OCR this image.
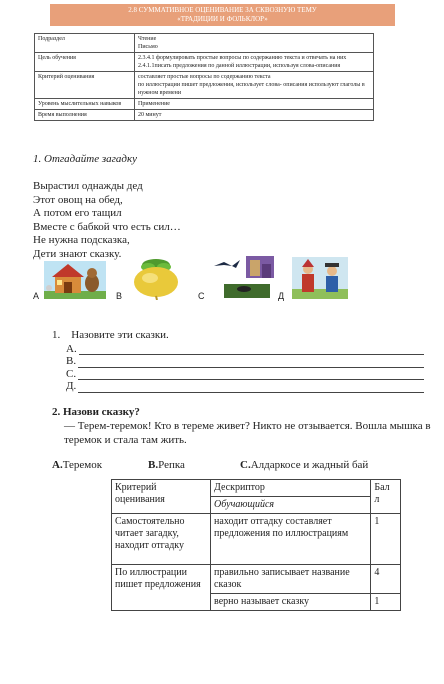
2.8 СУММАТИВНОЕ ОЦЕНИВАНИЕ ЗА СКВОЗНУЮ ТЕМУ
«ТРАДИЦИИ И ФОЛЬКЛОР»
Подраздел	Чтение
Письмо

Цель обучения	2.3.4.1 формулировать простые вопросы по содержанию текста и отвечать на них
2.4.1.1писать предложения по данной иллюстрации, используя слова-описания

Критерий оценивания	составляет простые вопросы по содержанию текста
по иллюстрации пишет предложения, использует слова- описания используют глаголы в нужном времени

Уровень мыслительных навыков	Применение
Время выполнения	20 минут
1. Отгадайте загадку
Вырастил однажды дед
Этот овощ на обед,
А потом его тащил
Вместе с бабкой что есть сил…
Не нужна подсказка,
Дети знают сказку.
А	В	С	Д
1. Назовите эти сказки.
А.
В.
С.
Д.
2. Назови сказку?
— Терем-теремок! Кто в тереме живет? Никто не отзывается. Вошла мышка в
теремок и стала там жить.
А.Теремок	В.Репка	С.Алдаркосе и жадный бай
Критерий оценивания	Дескриптор	Бал л
	Обучающийся	
Самостоятельно читает загадку, находит отгадку	находит отгадку составляет предложения по иллюстрациям	1
По иллюстрации пишет предложения	правильно записывает название сказок	4
	верно называет сказку	1
